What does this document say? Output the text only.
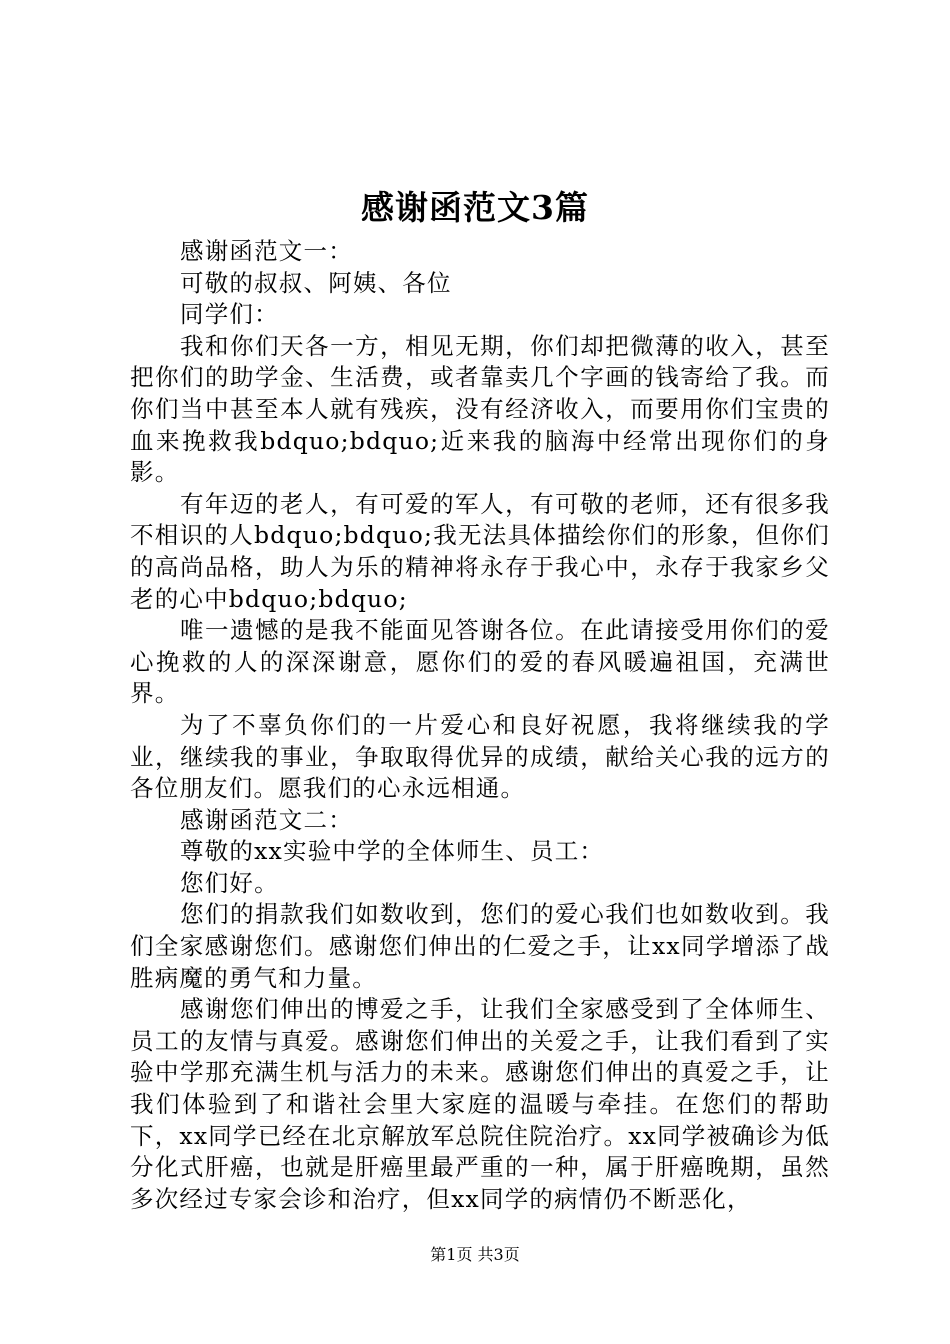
感谢函范文3篇

感谢函范文一：

可敬的叔叔、阿姨、各位

同学们：

我和你们天各一方，相见无期，你们却把微薄的收入，甚至把你们的助学金、生活费，或者靠卖几个字画的钱寄给了我。而你们当中甚至本人就有残疾，没有经济收入，而要用你们宝贵的血来挽救我bdquo;bdquo;近来我的脑海中经常出现你们的身影。

有年迈的老人，有可爱的军人，有可敬的老师，还有很多我不相识的人bdquo;bdquo;我无法具体描绘你们的形象，但你们的高尚品格，助人为乐的精神将永存于我心中，永存于我家乡父老的心中bdquo;bdquo;

唯一遗憾的是我不能面见答谢各位。在此请接受用你们的爱心挽救的人的深深谢意，愿你们的爱的春风暖遍祖国，充满世界。

为了不辜负你们的一片爱心和良好祝愿，我将继续我的学业，继续我的事业，争取取得优异的成绩，献给关心我的远方的各位朋友们。愿我们的心永远相通。

感谢函范文二：

尊敬的xx实验中学的全体师生、员工：

您们好。

您们的捐款我们如数收到，您们的爱心我们也如数收到。我们全家感谢您们。感谢您们伸出的仁爱之手，让xx同学增添了战胜病魔的勇气和力量。

感谢您们伸出的博爱之手，让我们全家感受到了全体师生、员工的友情与真爱。感谢您们伸出的关爱之手，让我们看到了实验中学那充满生机与活力的未来。感谢您们伸出的真爱之手，让我们体验到了和谐社会里大家庭的温暖与牵挂。在您们的帮助下，xx同学已经在北京解放军总院住院治疗。xx同学被确诊为低分化式肝癌，也就是肝癌里最严重的一种，属于肝癌晚期，虽然多次经过专家会诊和治疗，但xx同学的病情仍不断恶化，

第1页 共3页
